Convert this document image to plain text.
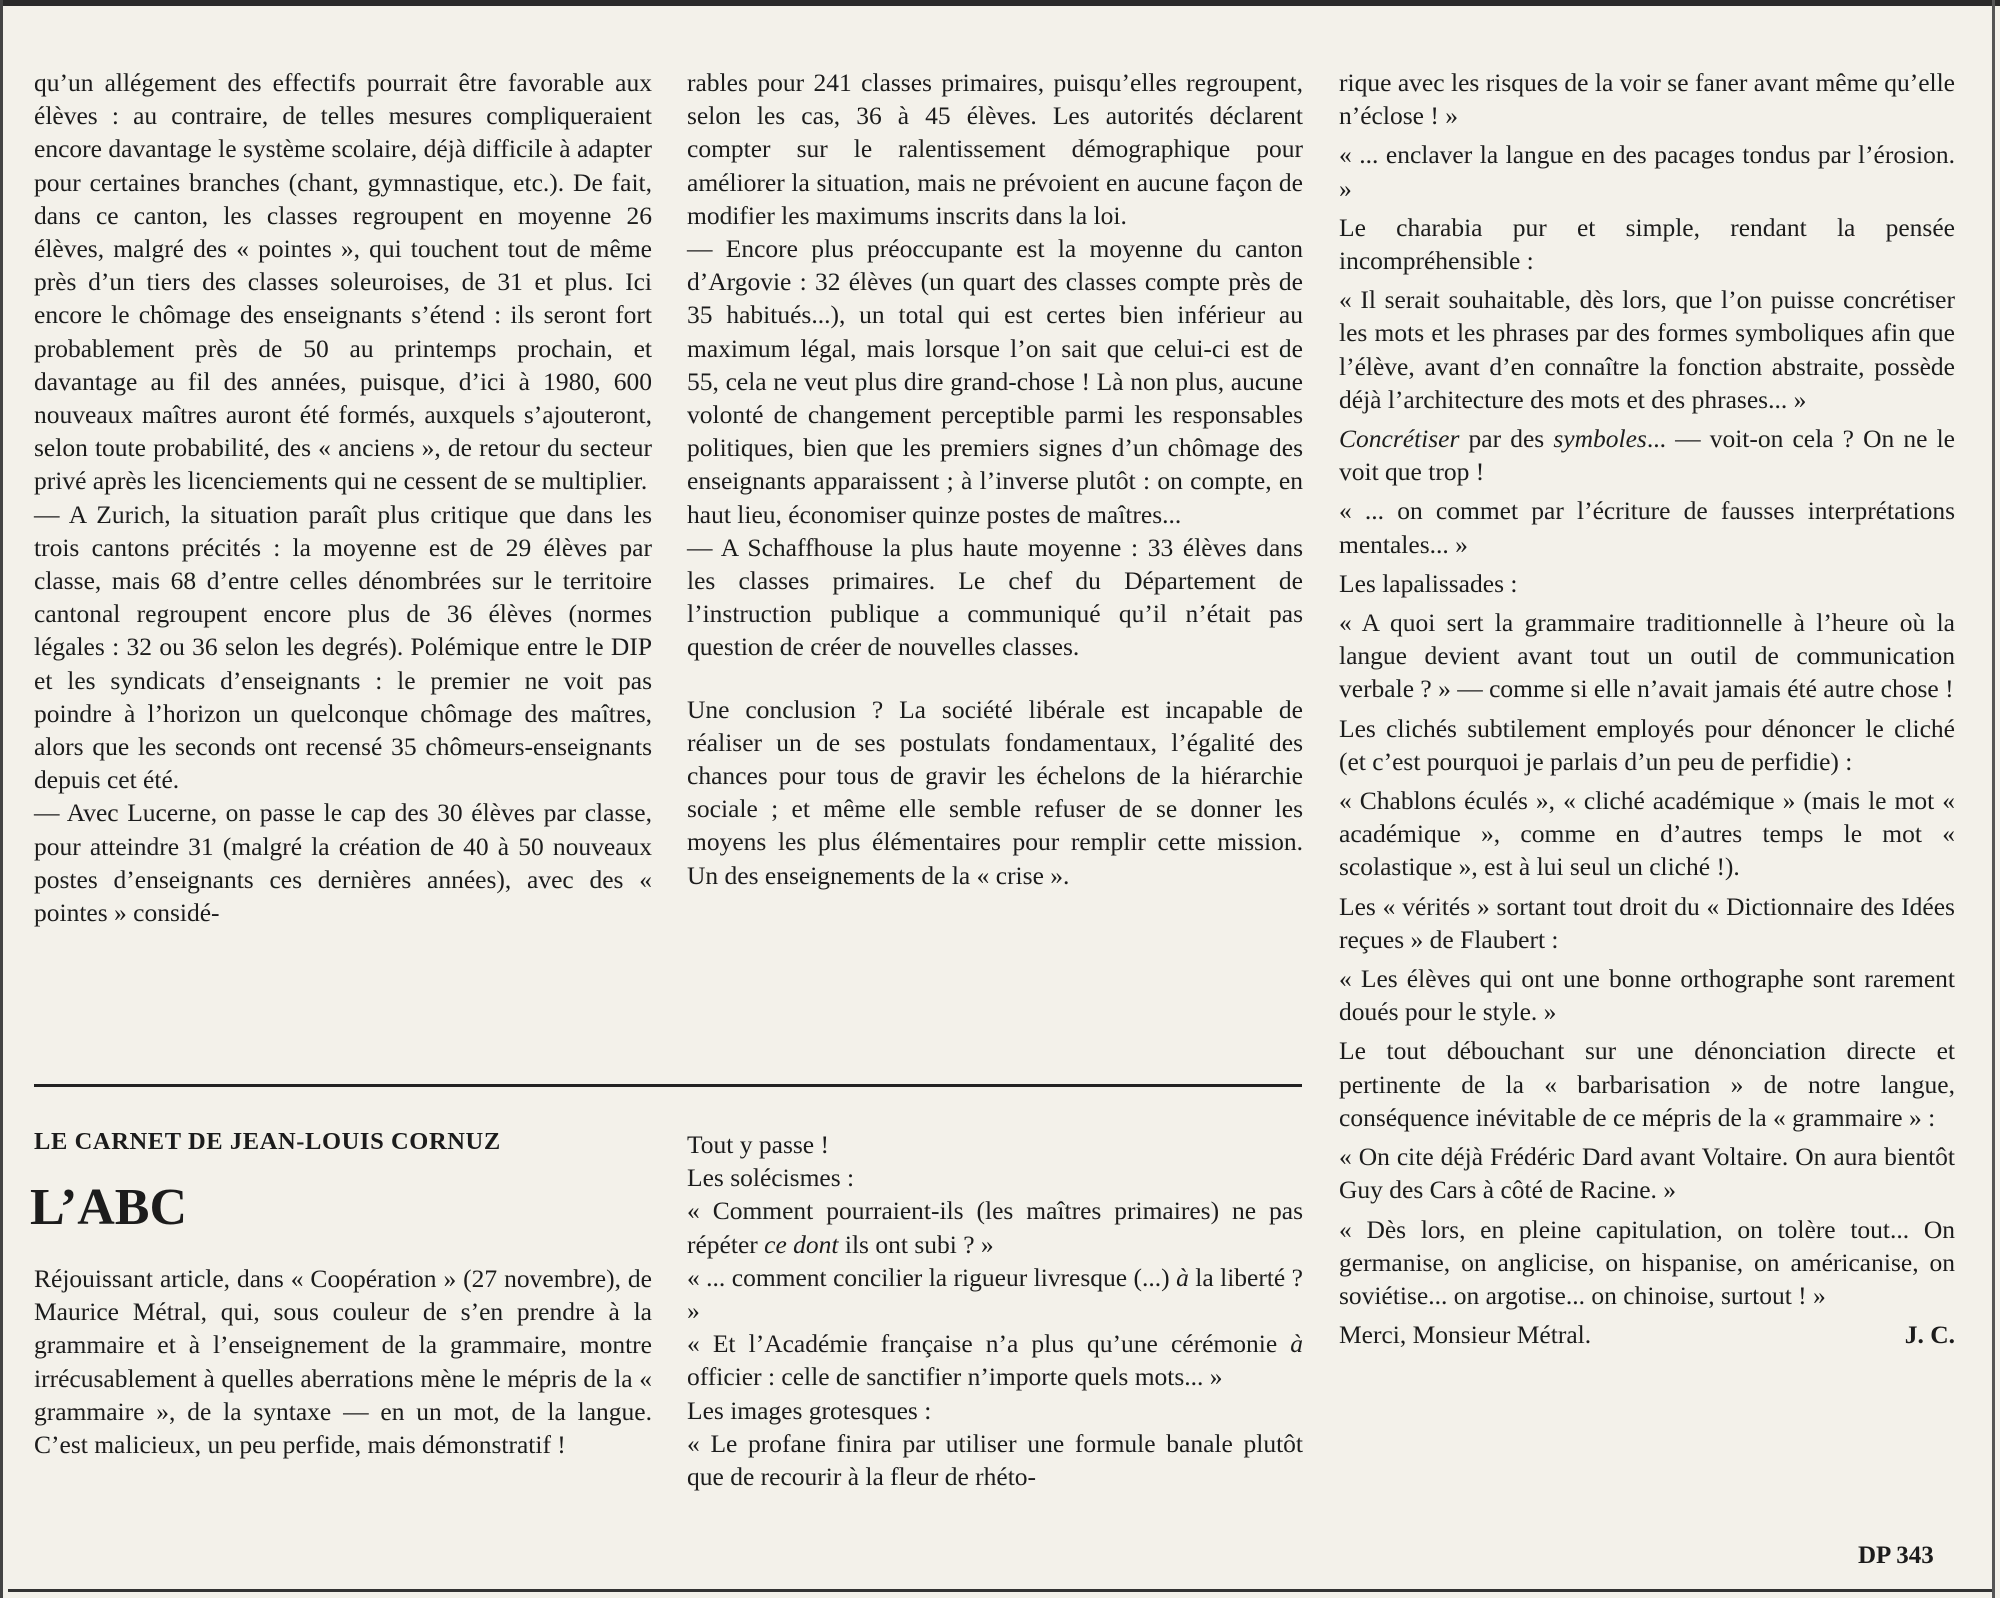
qu’un allégement des effectifs pourrait être favorable aux élèves : au contraire, de telles mesures compliqueraient encore davantage le système scolaire, déjà difficile à adapter pour certaines branches (chant, gymnastique, etc.). De fait, dans ce canton, les classes regroupent en moyenne 26 élèves, malgré des « pointes », qui touchent tout de même près d’un tiers des classes soleuroises, de 31 et plus. Ici encore le chômage des enseignants s’étend : ils seront fort probablement près de 50 au printemps prochain, et davantage au fil des années, puisque, d’ici à 1980, 600 nouveaux maîtres auront été formés, auxquels s’ajouteront, selon toute probabilité, des « anciens », de retour du secteur privé après les licenciements qui ne cessent de se multiplier.

— A Zurich, la situation paraît plus critique que dans les trois cantons précités : la moyenne est de 29 élèves par classe, mais 68 d’entre celles dénombrées sur le territoire cantonal regroupent encore plus de 36 élèves (normes légales : 32 ou 36 selon les degrés). Polémique entre le DIP et les syndicats d’enseignants : le premier ne voit pas poindre à l’horizon un quelconque chômage des maîtres, alors que les seconds ont recensé 35 chômeurs-enseignants depuis cet été.

— Avec Lucerne, on passe le cap des 30 élèves par classe, pour atteindre 31 (malgré la création de 40 à 50 nouveaux postes d’enseignants ces dernières années), avec des « pointes » considé-

rables pour 241 classes primaires, puisqu’elles regroupent, selon les cas, 36 à 45 élèves. Les autorités déclarent compter sur le ralentissement démographique pour améliorer la situation, mais ne prévoient en aucune façon de modifier les maximums inscrits dans la loi.

— Encore plus préoccupante est la moyenne du canton d’Argovie : 32 élèves (un quart des classes compte près de 35 habitués...), un total qui est certes bien inférieur au maximum légal, mais lorsque l’on sait que celui-ci est de 55, cela ne veut plus dire grand-chose ! Là non plus, aucune volonté de changement perceptible parmi les responsables politiques, bien que les premiers signes d’un chômage des enseignants apparaissent ; à l’inverse plutôt : on compte, en haut lieu, économiser quinze postes de maîtres...

— A Schaffhouse la plus haute moyenne : 33 élèves dans les classes primaires. Le chef du Département de l’instruction publique a communiqué qu’il n’était pas question de créer de nouvelles classes.

Une conclusion ? La société libérale est incapable de réaliser un de ses postulats fondamentaux, l’égalité des chances pour tous de gravir les échelons de la hiérarchie sociale ; et même elle semble refuser de se donner les moyens les plus élémentaires pour remplir cette mission. Un des enseignements de la « crise ».

LE CARNET DE JEAN-LOUIS CORNUZ
L’ABC

Réjouissant article, dans « Coopération » (27 novembre), de Maurice Métral, qui, sous couleur de s’en prendre à la grammaire et à l’enseignement de la grammaire, montre irrécusablement à quelles aberrations mène le mépris de la « grammaire », de la syntaxe — en un mot, de la langue. C’est malicieux, un peu perfide, mais démonstratif !

Tout y passe !

Les solécismes :

« Comment pourraient-ils (les maîtres primaires) ne pas répéter ce dont ils ont subi ? »

« ... comment concilier la rigueur livresque (...) à la liberté ? »

« Et l’Académie française n’a plus qu’une cérémonie à officier : celle de sanctifier n’importe quels mots... »

Les images grotesques :

« Le profane finira par utiliser une formule banale plutôt que de recourir à la fleur de rhéto-

rique avec les risques de la voir se faner avant même qu’elle n’éclose ! »

« ... enclaver la langue en des pacages tondus par l’érosion. »

Le charabia pur et simple, rendant la pensée incompréhensible :

« Il serait souhaitable, dès lors, que l’on puisse concrétiser les mots et les phrases par des formes symboliques afin que l’élève, avant d’en connaître la fonction abstraite, possède déjà l’architecture des mots et des phrases... »

Concrétiser par des symboles... — voit-on cela ? On ne le voit que trop !

« ... on commet par l’écriture de fausses interprétations mentales... »

Les lapalissades :

« A quoi sert la grammaire traditionnelle à l’heure où la langue devient avant tout un outil de communication verbale ? » — comme si elle n’avait jamais été autre chose !

Les clichés subtilement employés pour dénoncer le cliché (et c’est pourquoi je parlais d’un peu de perfidie) :

« Chablons éculés », « cliché académique » (mais le mot « académique », comme en d’autres temps le mot « scolastique », est à lui seul un cliché !).

Les « vérités » sortant tout droit du « Dictionnaire des Idées reçues » de Flaubert :

« Les élèves qui ont une bonne orthographe sont rarement doués pour le style. »

Le tout débouchant sur une dénonciation directe et pertinente de la « barbarisation » de notre langue, conséquence inévitable de ce mépris de la « grammaire » :

« On cite déjà Frédéric Dard avant Voltaire. On aura bientôt Guy des Cars à côté de Racine. »

« Dès lors, en pleine capitulation, on tolère tout... On germanise, on anglicise, on hispanise, on américanise, on soviétise... on argotise... on chinoise, surtout ! »

Merci, Monsieur Métral.	J. C.

DP 343
